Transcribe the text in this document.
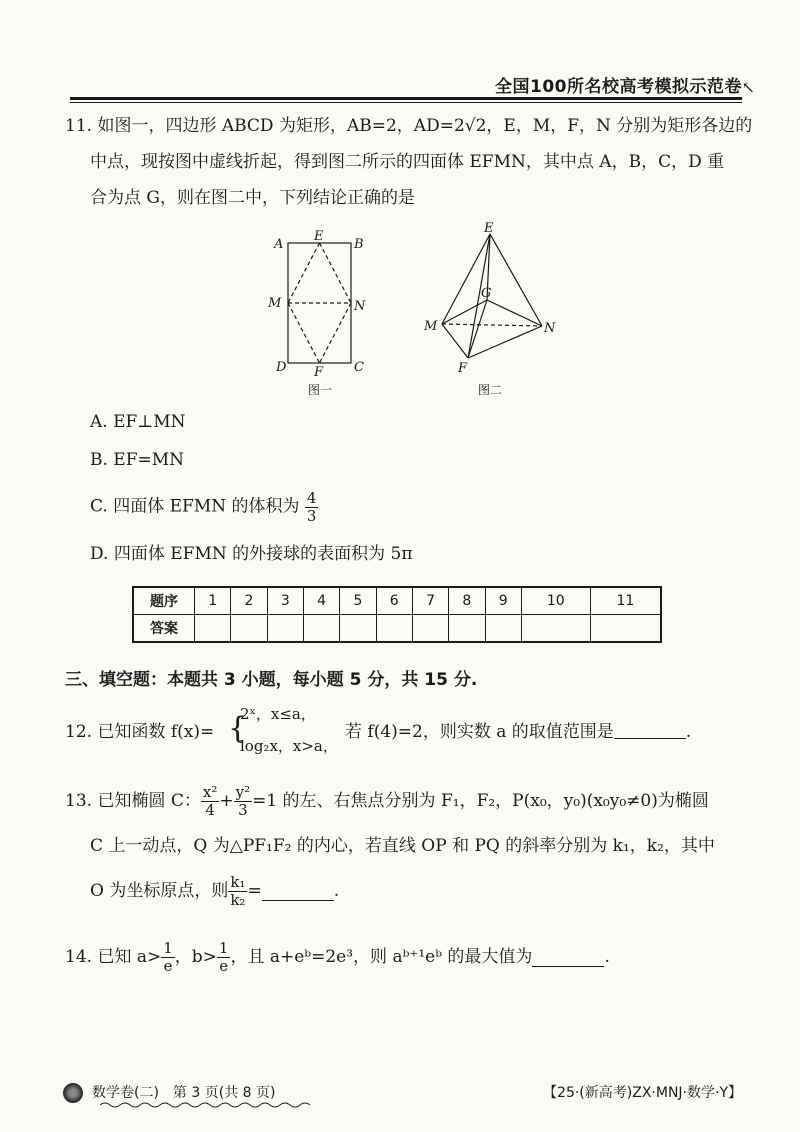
全国100所名校高考模拟示范卷 ↖
11. 如图一，四边形 ABCD 为矩形，AB=2，AD=2√2，E，M，F，N 分别为矩形各边的
中点，现按图中虚线折起，得到图二所示的四面体 EFMN，其中点 A，B，C，D 重
合为点 G，则在图二中，下列结论正确的是
A
E
B
M	N
D F C
图一
E
G
M	N
F
图二
A. EF⊥MN
B. EF=MN
C. 四面体 EFMN 的体积为 $\frac{4}{3}$
D. 四面体 EFMN 的外接球的表面积为 5π
题序	1	2	3	4	5	6	7	8	9	10	11
答案											
三、填空题：本题共 3 小题，每小题 5 分，共 15 分.
12. 已知函数 f(x)= {
2ˣ，x≤a，
log₂x，x>a，
若 f(4)=2，则实数 a 的取值范围是	.
13. 已知椭圆 C： $\frac{\text{x²}}{4} + \frac{\text{y²}}{3} =1$ 的左、右焦点分别为 F₁，F₂，P(x₀，y₀)(x₀y₀≠0)为椭圆
C 上一动点，Q 为△PF₁F₂ 的内心，若直线 OP 和 PQ 的斜率分别为 k₁，k₂，其中
O 为坐标原点，则 $\frac{\text{k₁}}{\text{k₂}}$ =	.
14. 已知 $a> \frac{1}{e}$ ，$b> \frac{1}{e}$ ，且 a+eᵇ=2e³，则 aᵇ⁺¹eᵇ 的最大值为	.
数学卷(二)　第 3 页(共 8 页)	【25·(新高考)ZX·MNJ·数学·Y】
